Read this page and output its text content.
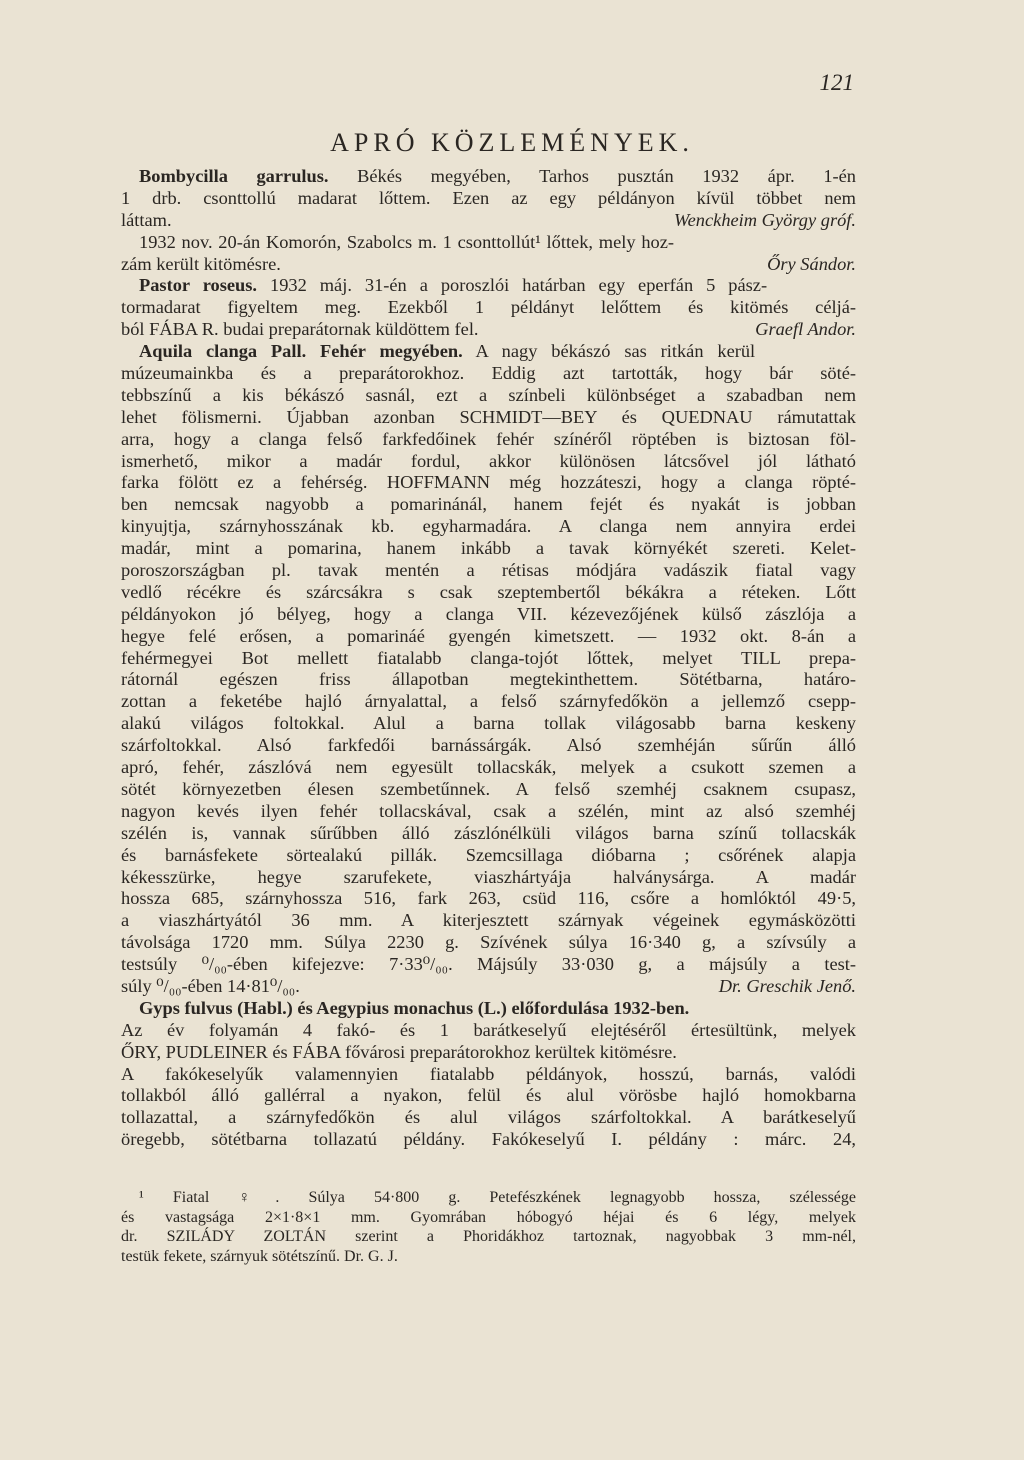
121
APRÓ KÖZLEMÉNYEK.
Bombycilla garrulus. Békés megyében, Tarhos pusztán 1932 ápr. 1-én
1 drb. csonttollú madarat lőttem. Ezen az egy példányon kívül többet nem
Wenckheim György gróf.
láttam.
1932 nov. 20-án Komorón, Szabolcs m. 1 csonttollút¹ lőttek, mely hoz-
Őry Sándor.
zám került kitömésre.
Pastor roseus. 1932 máj. 31-én a poroszlói határban egy eperfán 5 pász-
tormadarat figyeltem meg. Ezekből 1 példányt lelőttem és kitömés céljá-
Graefl Andor.
ból FÁBA R. budai preparátornak küldöttem fel.
Aquila clanga Pall. Fehér megyében. A nagy békászó sas ritkán kerül
múzeumainkba és a preparátorokhoz. Eddig azt tartották, hogy bár söté-
tebbszínű a kis békászó sasnál, ezt a színbeli különbséget a szabadban nem
lehet fölismerni. Újabban azonban SCHMIDT—BEY és QUEDNAU rámutattak
arra, hogy a clanga felső farkfedőinek fehér színéről röptében is biztosan föl-
ismerhető, mikor a madár fordul, akkor különösen látcsővel jól látható
farka fölött ez a fehérség. HOFFMANN még hozzáteszi, hogy a clanga röpté-
ben nemcsak nagyobb a pomarinánál, hanem fejét és nyakát is jobban
kinyujtja, szárnyhosszának kb. egyharmadára. A clanga nem annyira erdei
madár, mint a pomarina, hanem inkább a tavak környékét szereti. Kelet-
poroszországban pl. tavak mentén a rétisas módjára vadászik fiatal vagy
vedlő récékre és szárcsákra s csak szeptembertől békákra a réteken. Lőtt
példányokon jó bélyeg, hogy a clanga VII. kézevezőjének külső zászlója a
hegye felé erősen, a pomarináé gyengén kimetszett. — 1932 okt. 8-án a
fehérmegyei Bot mellett fiatalabb clanga-tojót lőttek, melyet TILL prepa-
rátornál egészen friss állapotban megtekinthettem. Sötétbarna, határo-
zottan a feketébe hajló árnyalattal, a felső szárnyfedőkön a jellemző csepp-
alakú világos foltokkal. Alul a barna tollak világosabb barna keskeny
szárfoltokkal. Alsó farkfedői barnássárgák. Alsó szemhéján sűrűn álló
apró, fehér, zászlóvá nem egyesült tollacskák, melyek a csukott szemen a
sötét környezetben élesen szembetűnnek. A felső szemhéj csaknem csupasz,
nagyon kevés ilyen fehér tollacskával, csak a szélén, mint az alsó szemhéj
szélén is, vannak sűrűbben álló zászlónélküli világos barna színű tollacskák
és barnásfekete sörtealakú pillák. Szemcsillaga dióbarna ; csőrének alapja
kékesszürke, hegye szarufekete, viaszhártyája halványsárga. A madár
hossza 685, szárnyhossza 516, fark 263, csüd 116, csőre a homlóktól 49·5,
a viaszhártyától 36 mm. A kiterjesztett szárnyak végeinek egymásközötti
távolsága 1720 mm. Súlya 2230 g. Szívének súlya 16·340 g, a szívsúly a
testsúly ⁰/₀₀-ében kifejezve: 7·33⁰/₀₀. Májsúly 33·030 g, a májsúly a test-
Dr. Greschik Jenő.
súly ⁰/₀₀-ében 14·81⁰/₀₀.
Gyps fulvus (Habl.) és Aegypius monachus (L.) előfordulása 1932-ben.
Az év folyamán 4 fakó- és 1 barátkeselyű elejtéséről értesültünk, melyek
ŐRY, PUDLEINER és FÁBA fővárosi preparátorokhoz kerültek kitömésre.
A fakókeselyűk valamennyien fiatalabb példányok, hosszú, barnás, valódi
tollakból álló gallérral a nyakon, felül és alul vörösbe hajló homokbarna
tollazattal, a szárnyfedőkön és alul világos szárfoltokkal. A barátkeselyű
öregebb, sötétbarna tollazatú példány. Fakókeselyű I. példány : márc. 24,
¹ Fiatal ♀. Súlya 54·800 g. Petefészkének legnagyobb hossza, szélessége
és vastagsága 2×1·8×1 mm. Gyomrában hóbogyó héjai és 6 légy, melyek
dr. SZILÁDY ZOLTÁN szerint a Phoridákhoz tartoznak, nagyobbak 3 mm-nél,
testük fekete, szárnyuk sötétszínű. Dr. G. J.
